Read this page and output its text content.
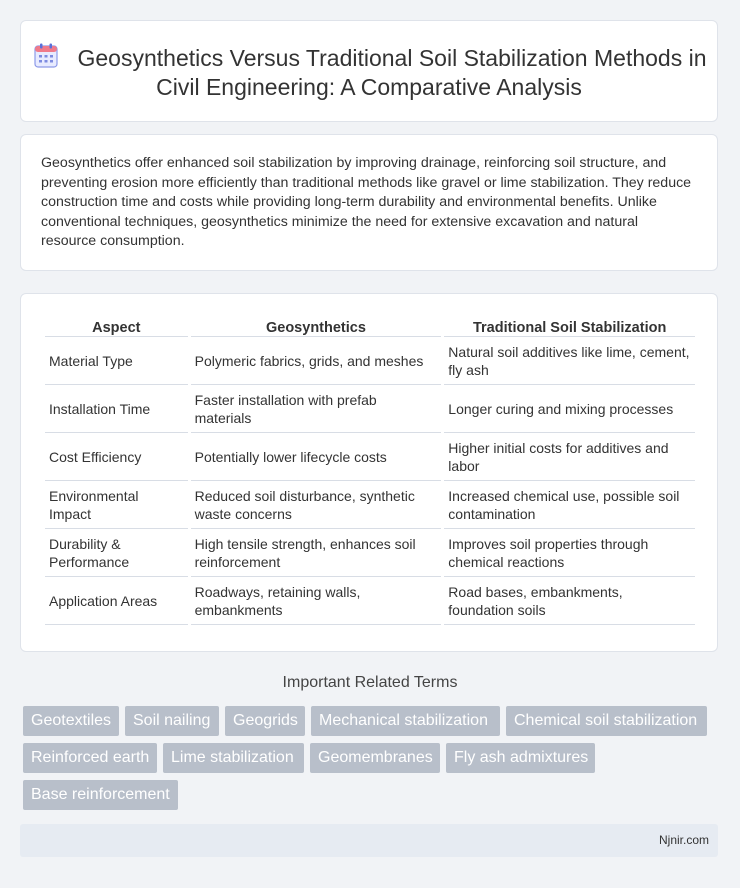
Geosynthetics Versus Traditional Soil Stabilization Methods in Civil Engineering: A Comparative Analysis
Geosynthetics offer enhanced soil stabilization by improving drainage, reinforcing soil structure, and preventing erosion more efficiently than traditional methods like gravel or lime stabilization. They reduce construction time and costs while providing long-term durability and environmental benefits. Unlike conventional techniques, geosynthetics minimize the need for extensive excavation and natural resource consumption.
Aspect	Geosynthetics	Traditional Soil Stabilization
Material Type	Polymeric fabrics, grids, and meshes	Natural soil additives like lime, cement, fly ash
Installation Time	Faster installation with prefab materials	Longer curing and mixing processes
Cost Efficiency	Potentially lower lifecycle costs	Higher initial costs for additives and labor
Environmental Impact	Reduced soil disturbance, synthetic waste concerns	Increased chemical use, possible soil contamination
Durability & Performance	High tensile strength, enhances soil reinforcement	Improves soil properties through chemical reactions
Application Areas	Roadways, retaining walls, embankments	Road bases, embankments, foundation soils
Important Related Terms
Geotextiles	Soil nailing	Geogrids	Mechanical stabilization	Chemical soil stabilization
Reinforced earth	Lime stabilization	Geomembranes	Fly ash admixtures
Base reinforcement
Njnir.com
